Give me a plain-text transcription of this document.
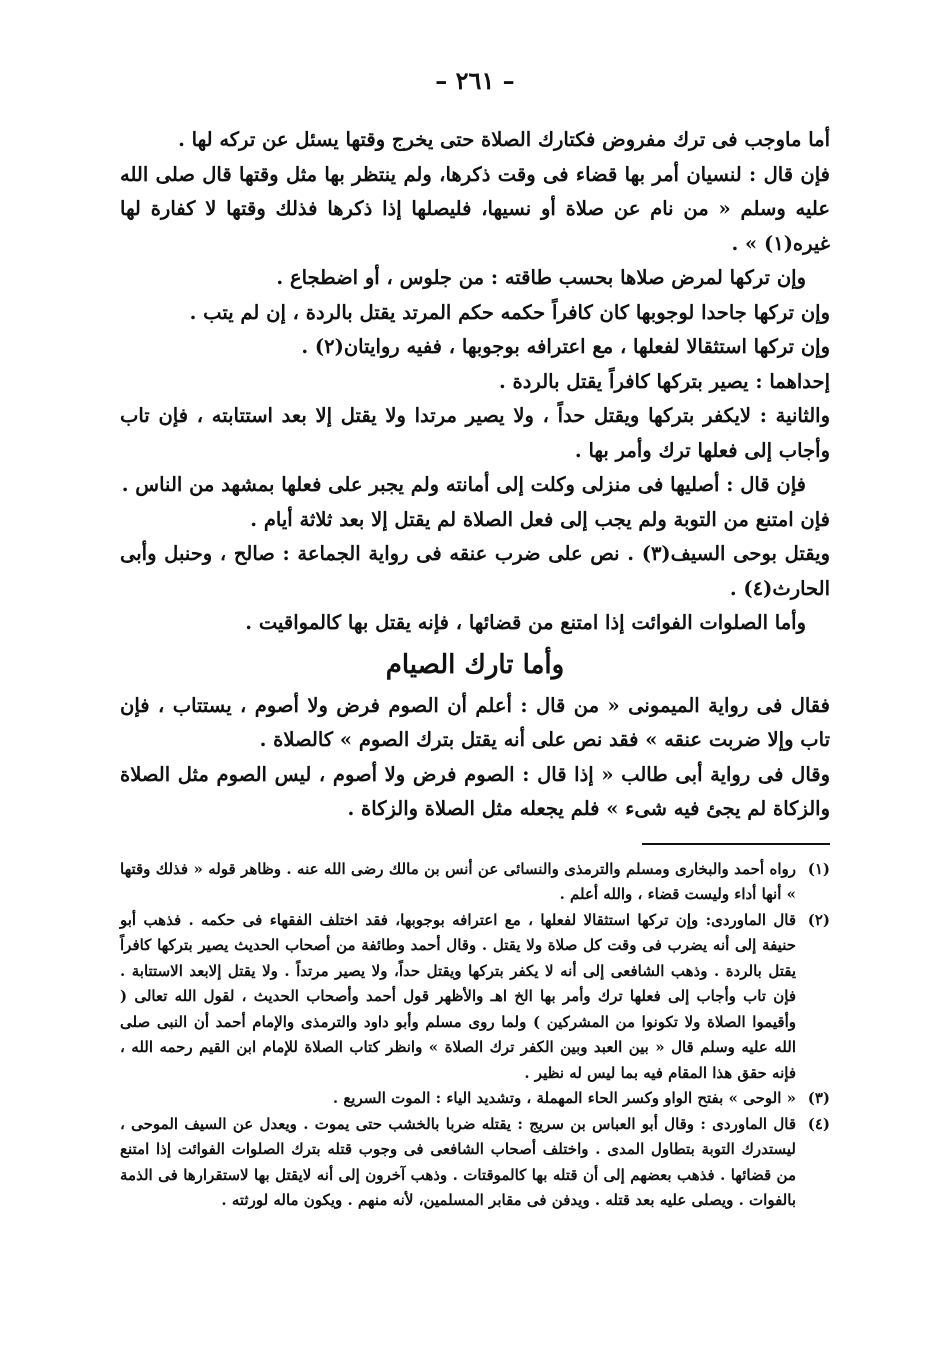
– ٢٦١ –

أما ماوجب فى ترك مفروض فكتارك الصلاة حتى يخرج وقتها يسئل عن تركه لها .

فإن قال : لنسيان أمر بها قضاء فى وقت ذكرها، ولم ينتظر بها مثل وقتها قال صلى الله عليه وسلم « من نام عن صلاة أو نسيها، فليصلها إذا ذكرها فذلك وقتها لا كفارة لها غيره(١) » .

وإن تركها لمرض صلاها بحسب طاقته : من جلوس ، أو اضطجاع .

وإن تركها جاحدا لوجوبها كان كافراً حكمه حكم المرتد يقتل بالردة ، إن لم يتب .

وإن تركها استثقالا لفعلها ، مع اعترافه بوجوبها ، ففيه روايتان(٢) .

إحداهما : يصير بتركها كافراً يقتل بالردة .

والثانية : لايكفر بتركها ويقتل حداً ، ولا يصير مرتدا ولا يقتل إلا بعد استتابته ، فإن تاب وأجاب إلى فعلها ترك وأمر بها .

فإن قال : أصليها فى منزلى وكلت إلى أمانته ولم يجبر على فعلها بمشهد من الناس .

فإن امتنع من التوبة ولم يجب إلى فعل الصلاة لم يقتل إلا بعد ثلاثة أيام .

ويقتل بوحى السيف(٣) . نص على ضرب عنقه فى رواية الجماعة : صالح ، وحنبل وأبى الحارث(٤) .

وأما الصلوات الفوائت إذا امتنع من قضائها ، فإنه يقتل بها كالمواقيت .

وأما تارك الصيام

فقال فى رواية الميمونى « من قال : أعلم أن الصوم فرض ولا أصوم ، يستتاب ، فإن تاب وإلا ضربت عنقه » فقد نص على أنه يقتل بترك الصوم » كالصلاة .

وقال فى رواية أبى طالب « إذا قال : الصوم فرض ولا أصوم ، ليس الصوم مثل الصلاة والزكاة لم يجئ فيه شىء » فلم يجعله مثل الصلاة والزكاة .

(١)
رواه أحمد والبخارى ومسلم والترمذى والنسائى عن أنس بن مالك رضى الله عنه . وظاهر قوله « فذلك وقتها » أنها أداء وليست قضاء ، والله أعلم .
(٢)
قال الماوردى: وإن تركها استثقالا لفعلها ، مع اعترافه بوجوبها، فقد اختلف الفقهاء فى حكمه . فذهب أبو حنيفة إلى أنه يضرب فى وقت كل صلاة ولا يقتل . وقال أحمد وطائفة من أصحاب الحديث يصير بتركها كافراً يقتل بالردة . وذهب الشافعى إلى أنه لا يكفر بتركها ويقتل حداً، ولا يصير مرتداً . ولا يقتل إلابعد الاستتابة . فإن تاب وأجاب إلى فعلها ترك وأمر بها الخ اهـ والأظهر قول أحمد وأصحاب الحديث ، لقول الله تعالى ( وأقيموا الصلاة ولا تكونوا من المشركين ) ولما روى مسلم وأبو داود والترمذى والإمام أحمد أن النبى صلى الله عليه وسلم قال « بين العبد وبين الكفر ترك الصلاة » وانظر كتاب الصلاة للإمام ابن القيم رحمه الله ، فإنه حقق هذا المقام فيه بما ليس له نظير .
(٣)
« الوحى » بفتح الواو وكسر الحاء المهملة ، وتشديد الياء : الموت السريع .
(٤)
قال الماوردى : وقال أبو العباس بن سريج : يقتله ضربا بالخشب حتى يموت . ويعدل عن السيف الموحى ، ليستدرك التوبة بتطاول المدى . واختلف أصحاب الشافعى فى وجوب قتله بترك الصلوات الفوائت إذا امتنع من قضائها . فذهب بعضهم إلى أن قتله بها كالموقتات . وذهب آخرون إلى أنه لايقتل بها لاستقرارها فى الذمة بالفوات . ويصلى عليه بعد قتله . ويدفن فى مقابر المسلمين، لأنه منهم . ويكون ماله لورثته .
